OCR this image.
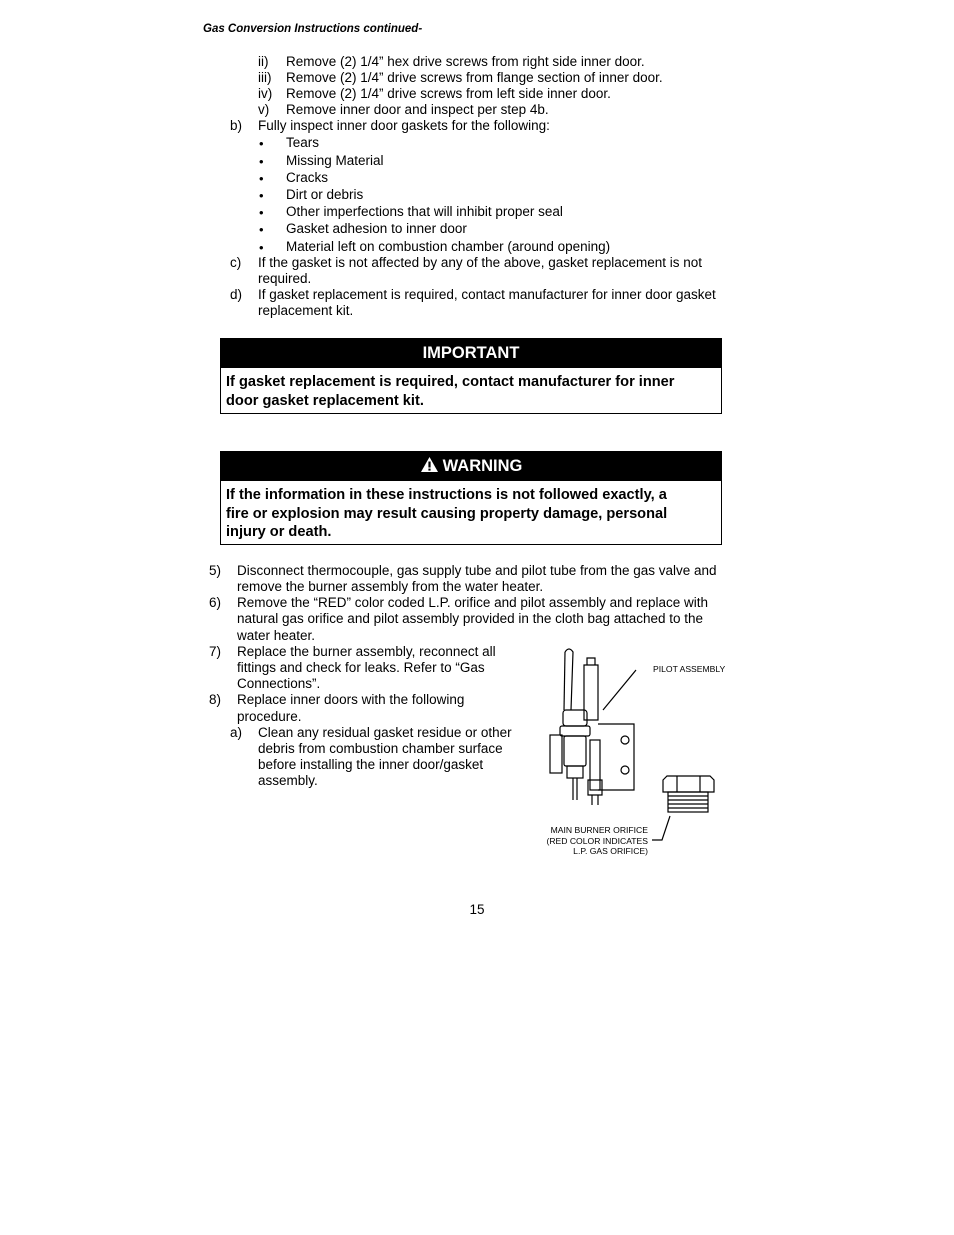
Gas Conversion Instructions continued-
ii) Remove (2) 1/4” hex drive screws from right side inner door.
iii) Remove (2) 1/4” drive screws from flange section of inner door.
iv) Remove (2) 1/4” drive screws from left side inner door.
v) Remove inner door and inspect per step 4b.
b) Fully inspect inner door gaskets for the following:
• Tears
• Missing Material
• Cracks
• Dirt or debris
• Other imperfections that will inhibit proper seal
• Gasket adhesion to inner door
• Material left on combustion chamber (around opening)
c) If the gasket is not affected by any of the above, gasket replacement is not
required.
d) If gasket replacement is required, contact manufacturer for inner door gasket
replacement kit.
IMPORTANT
If gasket replacement is required, contact manufacturer for inner
door gasket replacement kit.
WARNING
If the information in these instructions is not followed exactly, a
fire or explosion may result causing property damage, personal
injury or death.
5) Disconnect thermocouple, gas supply tube and pilot tube from the gas valve and
remove the burner assembly from the water heater.
6) Remove the “RED” color coded L.P. orifice and pilot assembly and replace with
natural gas orifice and pilot assembly provided in the cloth bag attached to the
water heater.
7) Replace the burner assembly, reconnect all
fittings and check for leaks. Refer to “Gas
Connections”.
8) Replace inner doors with the following
procedure.
a) Clean any residual gasket residue or other
debris from combustion chamber surface
before installing the inner door/gasket
assembly.
PILOT ASSEMBLY
MAIN BURNER ORIFICE
(RED COLOR INDICATES
L.P. GAS ORIFICE)
15
